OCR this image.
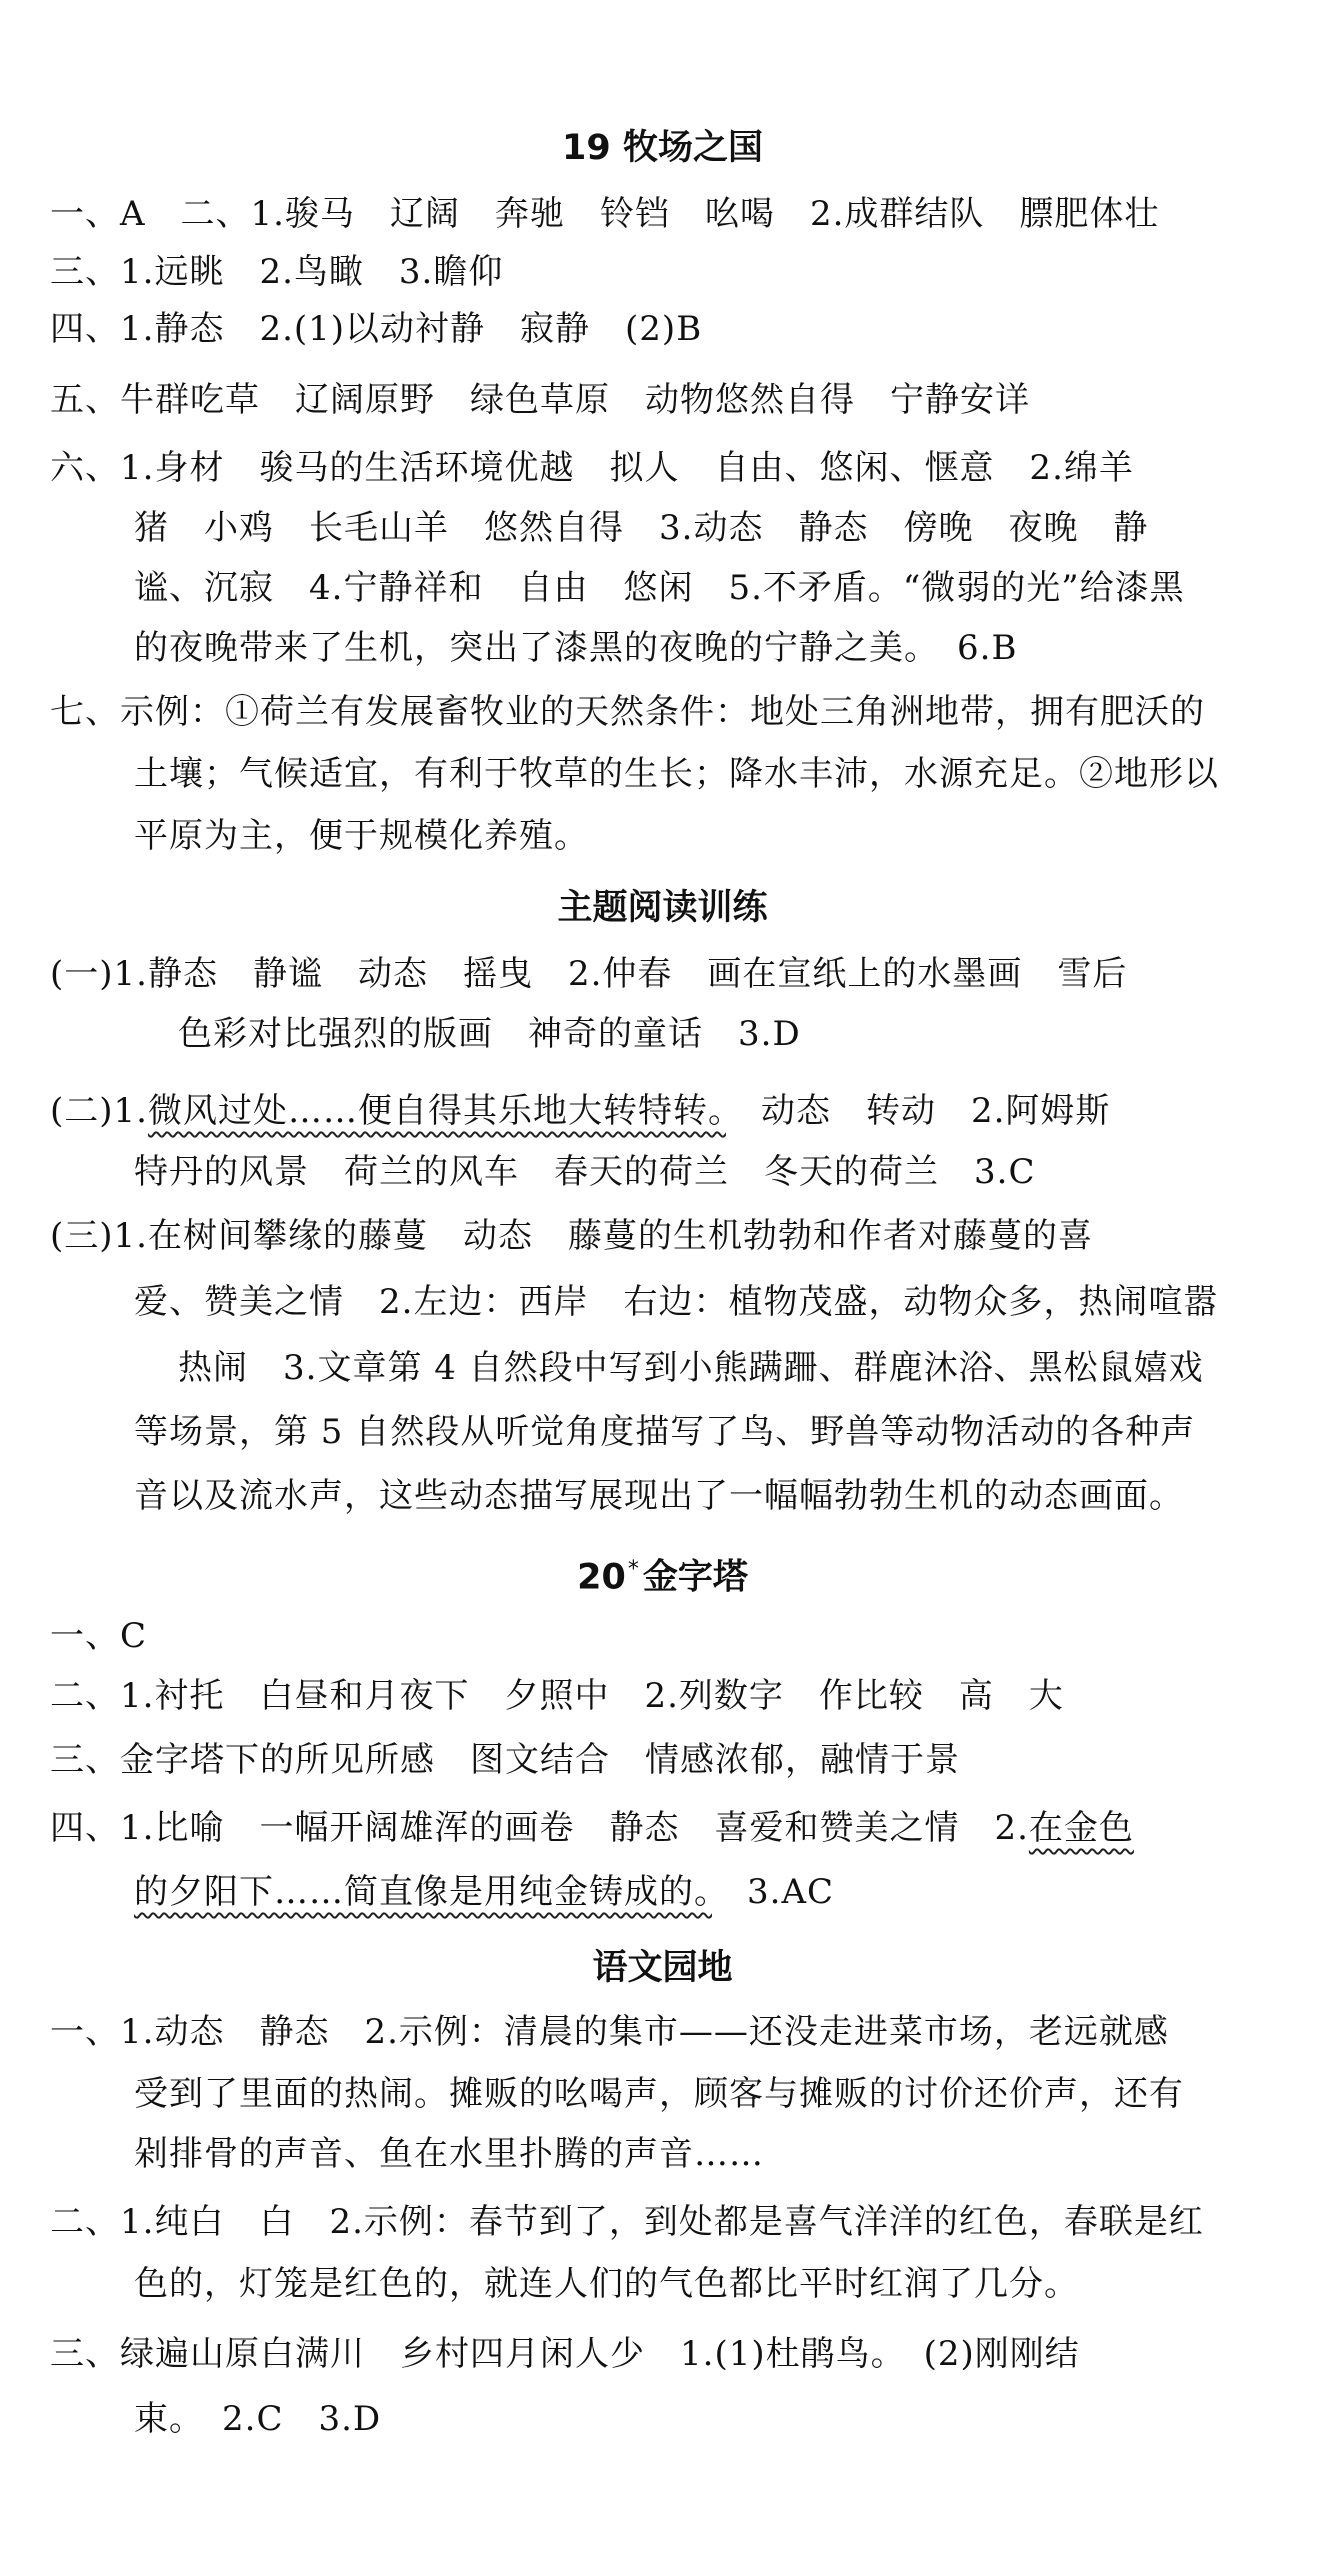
19 牧场之国
一、A　二、1.骏马　辽阔　奔驰　铃铛　吆喝　2.成群结队　膘肥体壮
三、1.远眺　2.鸟瞰　3.瞻仰
四、1.静态　2.(1)以动衬静　寂静　(2)B
五、牛群吃草　辽阔原野　绿色草原　动物悠然自得　宁静安详
六、1.身材　骏马的生活环境优越　拟人　自由、悠闲、惬意　2.绵羊
猪　小鸡　长毛山羊　悠然自得　3.动态　静态　傍晚　夜晚　静
谧、沉寂　4.宁静祥和　自由　悠闲　5.不矛盾。“微弱的光”给漆黑
的夜晚带来了生机，突出了漆黑的夜晚的宁静之美。　6.B
七、示例：①荷兰有发展畜牧业的天然条件：地处三角洲地带，拥有肥沃的
土壤；气候适宜，有利于牧草的生长；降水丰沛，水源充足。②地形以
平原为主，便于规模化养殖。
主题阅读训练
(一)1.静态　静谧　动态　摇曳　2.仲春　画在宣纸上的水墨画　雪后
色彩对比强烈的版画　神奇的童话　3.D
(二)1.微风过处……便自得其乐地大转特转。　动态　转动　2.阿姆斯
特丹的风景　荷兰的风车　春天的荷兰　冬天的荷兰　3.C
(三)1.在树间攀缘的藤蔓　动态　藤蔓的生机勃勃和作者对藤蔓的喜
爱、赞美之情　2.左边：西岸　右边：植物茂盛，动物众多，热闹喧嚣
热闹　3.文章第 4 自然段中写到小熊蹒跚、群鹿沐浴、黑松鼠嬉戏
等场景，第 5 自然段从听觉角度描写了鸟、野兽等动物活动的各种声
音以及流水声，这些动态描写展现出了一幅幅勃勃生机的动态画面。
20* 金字塔
一、C
二、1.衬托　白昼和月夜下　夕照中　2.列数字　作比较　高　大
三、金字塔下的所见所感　图文结合　情感浓郁，融情于景
四、1.比喻　一幅开阔雄浑的画卷　静态　喜爱和赞美之情　2.在金色
的夕阳下……简直像是用纯金铸成的。　3.AC
语文园地
一、1.动态　静态　2.示例：清晨的集市——还没走进菜市场，老远就感
受到了里面的热闹。摊贩的吆喝声，顾客与摊贩的讨价还价声，还有
剁排骨的声音、鱼在水里扑腾的声音……
二、1.纯白　白　2.示例：春节到了，到处都是喜气洋洋的红色，春联是红
色的，灯笼是红色的，就连人们的气色都比平时红润了几分。
三、绿遍山原白满川　乡村四月闲人少　1.(1)杜鹃鸟。　(2)刚刚结
束。　2.C　3.D
